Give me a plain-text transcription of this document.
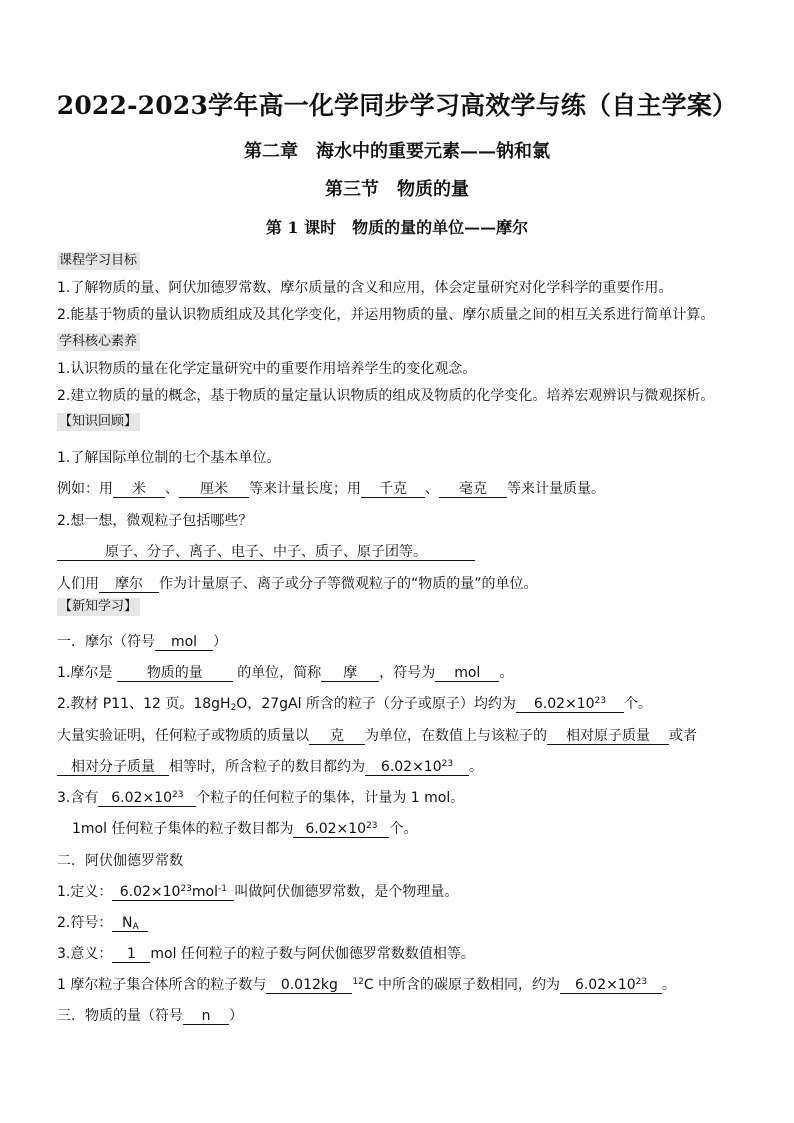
2022-2023学年高一化学同步学习高效学与练（自主学案）
第二章　海水中的重要元素——钠和氯
第三节　物质的量
第 1 课时　物质的量的单位——摩尔
课程学习目标
1.了解物质的量、阿伏加德罗常数、摩尔质量的含义和应用，体会定量研究对化学科学的重要作用。
2.能基于物质的量认识物质组成及其化学变化，并运用物质的量、摩尔质量之间的相互关系进行简单计算。
学科核心素养
1.认识物质的量在化学定量研究中的重要作用培养学生的变化观念。
2.建立物质的量的概念，基于物质的量定量认识物质的组成及物质的化学变化。培养宏观辨识与微观探析。
【知识回顾】
1.了解国际单位制的七个基本单位。
例如：用 米 、 厘米 等来计量长度；用 千克 、 毫克 等来计量质量。
2.想一想，微观粒子包括哪些？
原子、分子、离子、电子、中子、质子、原子团等。
人们用 摩尔 作为计量原子、离子或分子等微观粒子的“物质的量”的单位。
【新知学习】
一．摩尔（符号 mol ）
1.摩尔是 物质的量 的单位，简称 摩 ，符号为 mol 。
2.教材 P11、12 页。$18gH_2O$，27gAl 所含的粒子（分子或原子）均约为 $6.02\times 10^{23}$ 个。
大量实验证明，任何粒子或物质的质量以 克 为单位，在数值上与该粒子的 相对原子质量 或者
相对分子质量 相等时，所含粒子的数目都约为 $6.02\times 10^{23}$ 。
3.含有 $6.02\times 10^{23}$ 个粒子的任何粒子的集体，计量为 1 mol。
1mol 任何粒子集体的粒子数目都为 $6.02\times 10^{23}$ 个。
二．阿伏伽德罗常数
1.定义： $6.02\times 10^{23}mol^{-1}$ 叫做阿伏伽德罗常数，是个物理量。
2.符号： $N_A$
3.意义： 1 mol 任何粒子的粒子数与阿伏伽德罗常数数值相等。
1 摩尔粒子集合体所含的粒子数与 0.012kg $^{12}$C 中所含的碳原子数相同，约为 $6.02\times 10^{23}$ 。
三．物质的量（符号 n ）
